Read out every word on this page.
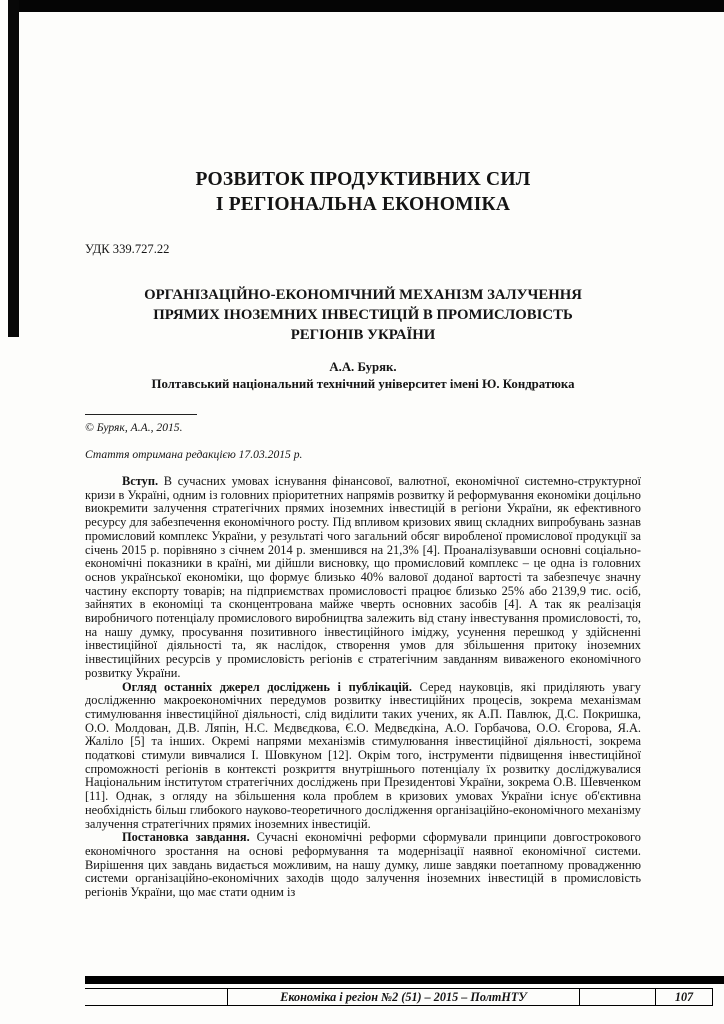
РОЗВИТОК ПРОДУКТИВНИХ СИЛ
І РЕГІОНАЛЬНА ЕКОНОМІКА
УДК 339.727.22
ОРГАНІЗАЦІЙНО-ЕКОНОМІЧНИЙ МЕХАНІЗМ ЗАЛУЧЕННЯ
ПРЯМИХ ІНОЗЕМНИХ ІНВЕСТИЦІЙ В ПРОМИСЛОВІСТЬ
РЕГІОНІВ УКРАЇНИ
А.А. Буряк.
Полтавський національний технічний університет імені Ю. Кондратюка
© Буряк, А.А., 2015.
Стаття отримана редакцією 17.03.2015 р.

Вступ. В сучасних умовах існування фінансової, валютної, економічної системно-структурної кризи в Україні, одним із головних пріоритетних напрямів розвитку й реформування економіки доцільно виокремити залучення стратегічних прямих іноземних інвестицій в регіони України, як ефективного ресурсу для забезпечення економічного росту. Під впливом кризових явищ складних випробувань зазнав промисловий комплекс України, у результаті чого загальний обсяг виробленої промислової продукції за січень 2015 р. порівняно з січнем 2014 р. зменшився на 21,3% [4]. Проаналізувавши основні соціально-економічні показники в країні, ми дійшли висновку, що промисловий комплекс – це одна із головних основ української економіки, що формує близько 40% валової доданої вартості та забезпечує значну частину експорту товарів; на підприємствах промисловості працює близько 25% або 2139,9 тис. осіб, зайнятих в економіці та сконцентрована майже чверть основних засобів [4]. А так як реалізація виробничого потенціалу промислового виробництва залежить від стану інвестування промисловості, то, на нашу думку, просування позитивного інвестиційного іміджу, усунення перешкод у здійсненні інвестиційної діяльності та, як наслідок, створення умов для збільшення притоку іноземних інвестиційних ресурсів у промисловість регіонів є стратегічним завданням виваженого економічного розвитку України.

Огляд останніх джерел досліджень і публікацій. Серед науковців, які приділяють увагу дослідженню макроекономічних передумов розвитку інвестиційних процесів, зокрема механізмам стимулювання інвестиційної діяльності, слід виділити таких учених, як А.П. Павлюк, Д.С. Покришка, О.О. Молдован, Д.В. Ляпін, Н.С. Мєдвєдкова, Є.О. Медвєдкіна, А.О. Горбачова, О.О. Єгорова, Я.А. Жаліло [5] та інших. Окремі напрями механізмів стимулювання інвестиційної діяльності, зокрема податкові стимули вивчалися І. Шовкуном [12]. Окрім того, інструменти підвищення інвестиційної спроможності регіонів в контексті розкриття внутрішнього потенціалу їх розвитку досліджувалися Національним інститутом стратегічних досліджень при Президентові України, зокрема О.В. Шевченком [11]. Однак, з огляду на збільшення кола проблем в кризових умовах України існує об'єктивна необхідність більш глибокого науково-теоретичного дослідження організаційно-економічного механізму залучення стратегічних прямих іноземних інвестицій.

Постановка завдання. Сучасні економічні реформи сформували принципи довгострокового економічного зростання на основі реформування та модернізації наявної економічної системи. Вирішення цих завдань видається можливим, на нашу думку, лише завдяки поетапному провадженню системи організаційно-економічних заходів щодо залучення іноземних інвестицій в промисловість регіонів України, що має стати одним із

Економіка і регіон №2 (51) – 2015 – ПолтНТУ	107
